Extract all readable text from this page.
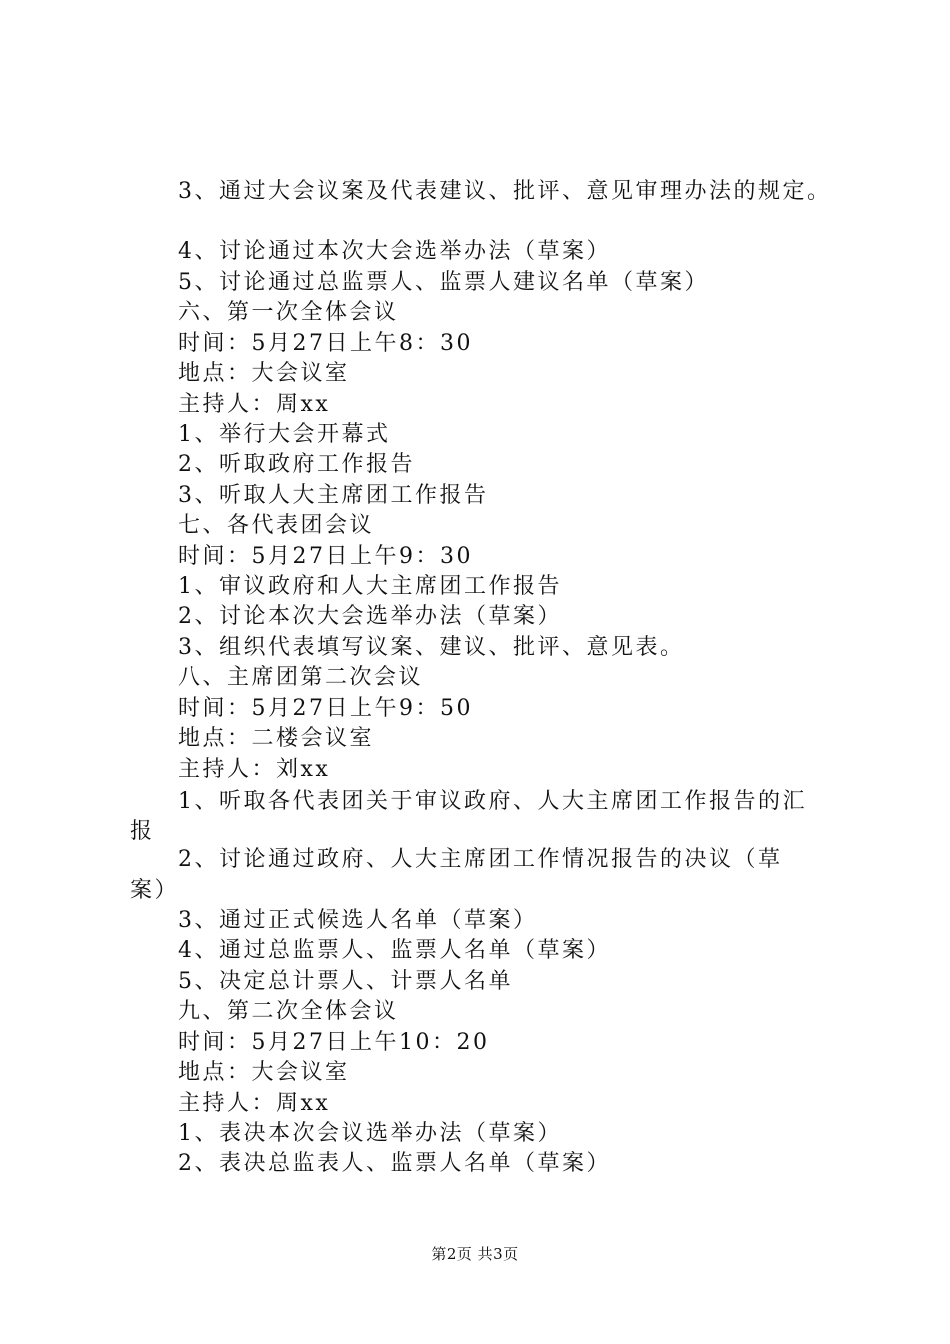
3、通过大会议案及代表建议、批评、意见审理办法的规定。
4、讨论通过本次大会选举办法（草案）
5、讨论通过总监票人、监票人建议名单（草案）
六、第一次全体会议
时间：5月27日上午8：30
地点：大会议室
主持人：周xx
1、举行大会开幕式
2、听取政府工作报告
3、听取人大主席团工作报告
七、各代表团会议
时间：5月27日上午9：30
1、审议政府和人大主席团工作报告
2、讨论本次大会选举办法（草案）
3、组织代表填写议案、建议、批评、意见表。
八、主席团第二次会议
时间：5月27日上午9：50
地点：二楼会议室
主持人：刘xx
1、听取各代表团关于审议政府、人大主席团工作报告的汇
报
2、讨论通过政府、人大主席团工作情况报告的决议（草
案）
3、通过正式候选人名单（草案）
4、通过总监票人、监票人名单（草案）
5、决定总计票人、计票人名单
九、第二次全体会议
时间：5月27日上午10：20
地点：大会议室
主持人：周xx
1、表决本次会议选举办法（草案）
2、表决总监表人、监票人名单（草案）
第2页 共3页
